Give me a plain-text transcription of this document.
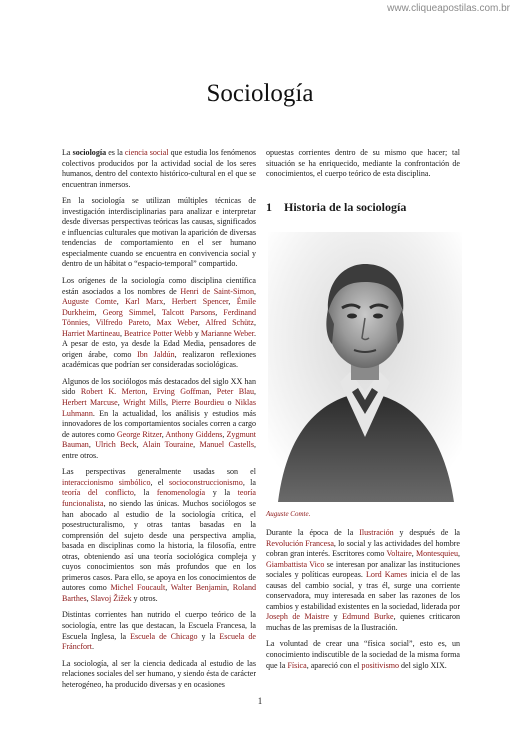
www.cliqueapostilas.com.br
Sociología

La sociología es la ciencia social que estudia los fenómenos colectivos producidos por la actividad social de los seres humanos, dentro del contexto histórico-cultural en el que se encuentran inmersos.

En la sociología se utilizan múltiples técnicas de investigación interdisciplinarias para analizar e interpretar desde diversas perspectivas teóricas las causas, significados e influencias culturales que motivan la aparición de diversas tendencias de comportamiento en el ser humano especialmente cuando se encuentra en convivencia social y dentro de un hábitat o “espacio-temporal” compartido.

Los orígenes de la sociología como disciplina científica están asociados a los nombres de Henri de Saint-Simon, Auguste Comte, Karl Marx, Herbert Spencer, Émile Durkheim, Georg Simmel, Talcott Parsons, Ferdinand Tönnies, Vilfredo Pareto, Max Weber, Alfred Schütz, Harriet Martineau, Beatrice Potter Webb y Marianne Weber. A pesar de esto, ya desde la Edad Media, pensadores de origen árabe, como Ibn Jaldún, realizaron reflexiones académicas que podrían ser consideradas sociológicas.

Algunos de los sociólogos más destacados del siglo XX han sido Robert K. Merton, Erving Goffman, Peter Blau, Herbert Marcuse, Wright Mills, Pierre Bourdieu o Niklas Luhmann. En la actualidad, los análisis y estudios más innovadores de los comportamientos sociales corren a cargo de autores como George Ritzer, Anthony Giddens, Zygmunt Bauman, Ulrich Beck, Alain Touraine, Manuel Castells, entre otros.

Las perspectivas generalmente usadas son el interaccionismo simbólico, el socioconstruccionismo, la teoría del conflicto, la fenomenología y la teoría funcionalista, no siendo las únicas. Muchos sociólogos se han abocado al estudio de la sociología crítica, el posestructuralismo, y otras tantas basadas en la comprensión del sujeto desde una perspectiva amplia, basada en disciplinas como la historia, la filosofía, entre otras, obteniendo así una teoría sociológica compleja y cuyos conocimientos son más profundos que en los primeros casos. Para ello, se apoya en los conocimientos de autores como Michel Foucault, Walter Benjamin, Roland Barthes, Slavoj Žižek y otros.

Distintas corrientes han nutrido el cuerpo teórico de la sociología, entre las que destacan, la Escuela Francesa, la Escuela Inglesa, la Escuela de Chicago y la Escuela de Fráncfort.

La sociología, al ser la ciencia dedicada al estudio de las relaciones sociales del ser humano, y siendo ésta de carácter heterogéneo, ha producido diversas y en ocasiones

opuestas corrientes dentro de su mismo que hacer; tal situación se ha enriquecido, mediante la confrontación de conocimientos, el cuerpo teórico de esta disciplina.

1 Historia de la sociología
Auguste Comte.

Durante la época de la Ilustración y después de la Revolución Francesa, lo social y las actividades del hombre cobran gran interés. Escritores como Voltaire, Montesquieu, Giambattista Vico se interesan por analizar las instituciones sociales y políticas europeas. Lord Kames inicia el de las causas del cambio social, y tras él, surge una corriente conservadora, muy interesada en saber las razones de los cambios y estabilidad existentes en la sociedad, liderada por Joseph de Maistre y Edmund Burke, quienes criticaron muchas de las premisas de la Ilustración.

La voluntad de crear una “física social”, esto es, un conocimiento indiscutible de la sociedad de la misma forma que la Física, apareció con el positivismo del siglo XIX.

1
